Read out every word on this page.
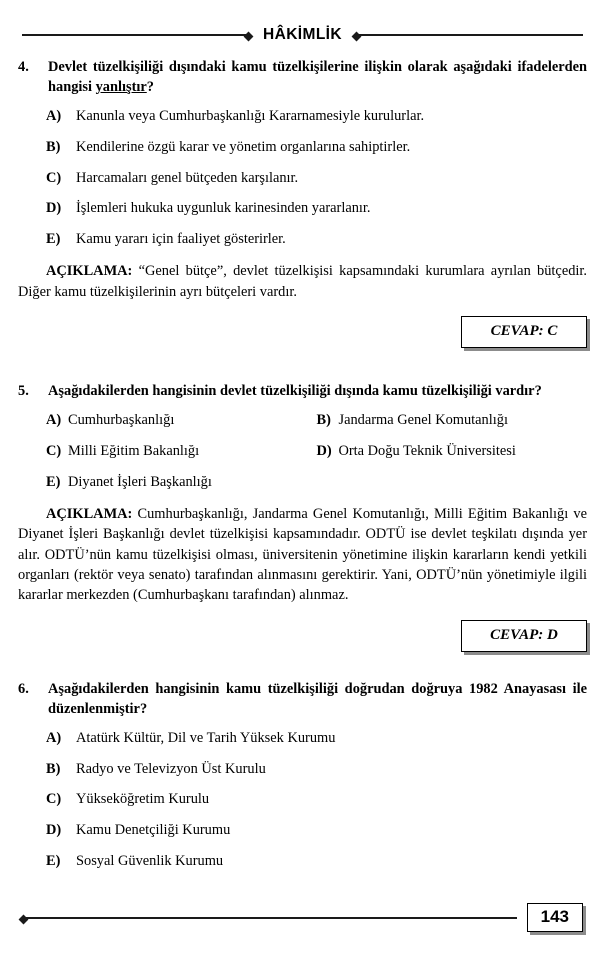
HÂKİMLİK
4.	Devlet tüzelkişiliği dışındaki kamu tüzelkişilerine ilişkin olarak aşağıdaki ifadelerden hangisi yanlıştır?
A)	Kanunla veya Cumhurbaşkanlığı Kararnamesiyle kurulurlar.
B)	Kendilerine özgü karar ve yönetim organlarına sahiptirler.
C)	Harcamaları genel bütçeden karşılanır.
D)	İşlemleri hukuka uygunluk karinesinden yararlanır.
E)	Kamu yararı için faaliyet gösterirler.

AÇIKLAMA: “Genel bütçe”, devlet tüzelkişisi kapsamındaki kurumlara ayrılan bütçedir. Diğer kamu tüzelkişilerinin ayrı bütçeleri vardır.

CEVAP: C
5.	Aşağıdakilerden hangisinin devlet tüzelkişiliği dışında kamu tüzelkişiliği vardır?
A) Cumhurbaşkanlığı	B) Jandarma Genel Komutanlığı
C) Milli Eğitim Bakanlığı	D) Orta Doğu Teknik Üniversitesi
E) Diyanet İşleri Başkanlığı

AÇIKLAMA: Cumhurbaşkanlığı, Jandarma Genel Komutanlığı, Milli Eğitim Bakanlığı ve Diyanet İşleri Başkanlığı devlet tüzelkişisi kapsamındadır. ODTÜ ise devlet teşkilatı dışında yer alır. ODTÜ’nün kamu tüzelkişisi olması, üniversitenin yönetimine ilişkin kararların kendi yetkili organları (rektör veya senato) tarafından alınmasını gerektirir. Yani, ODTÜ’nün yönetimiyle ilgili kararlar merkezden (Cumhurbaşkanı tarafından) alınmaz.

CEVAP: D
6.	Aşağıdakilerden hangisinin kamu tüzelkişiliği doğrudan doğruya 1982 Anayasası ile düzenlenmiştir?
A)	Atatürk Kültür, Dil ve Tarih Yüksek Kurumu
B)	Radyo ve Televizyon Üst Kurulu
C)	Yükseköğretim Kurulu
D)	Kamu Denetçiliği Kurumu
E)	Sosyal Güvenlik Kurumu
143
